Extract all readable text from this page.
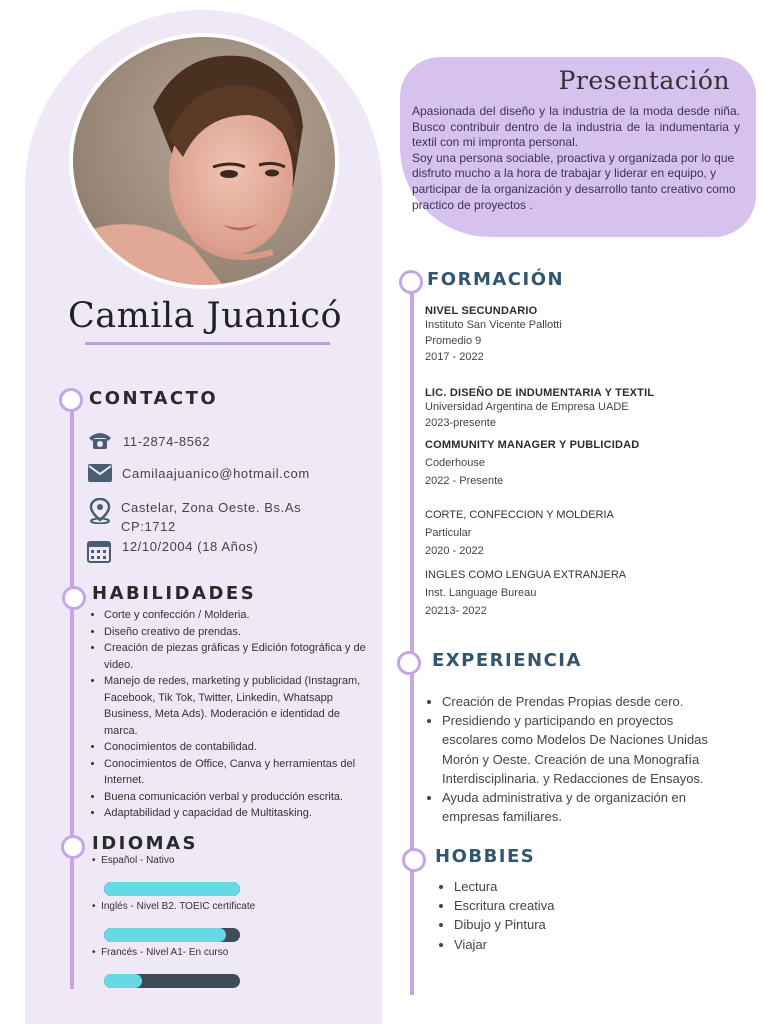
Camila Juanicó
CONTACTO
11-2874-8562
Camilaajuanico@hotmail.com
Castelar, Zona Oeste. Bs.As
CP:1712
12/10/2004 (18 Años)
HABILIDADES
• Corte y confección / Molderia.
• Diseño creativo de prendas.
• Creación de piezas gráficas y Edición fotográfica y de video.
• Manejo de redes, marketing y publicidad (Instagram, Facebook, Tik Tok, Twitter, Linkedin, Whatsapp Business, Meta Ads). Moderación e identidad de marca.
• Conocimientos de contabilidad.
• Conocimientos de Office, Canva y herramientas del Internet.
• Buena comunicación verbal y producción escrita.
• Adaptabilidad y capacidad de Multitasking.
IDIOMAS
•  Español - Nativo
•  Inglés - Nivel B2. TOEIC certificate
•  Francés - Nivel A1- En curso
Presentación

Apasionada del diseño y la industria de la moda desde niña. Busco contribuir dentro de la industria de la indumentaria y textil con mi impronta personal.

Soy una persona sociable, proactiva y organizada por lo que disfruto mucho a la hora de trabajar y liderar en equipo, y participar de la organización y desarrollo tanto creativo como practico de proyectos .

FORMACIÓN
NIVEL SECUNDARIO
Instituto San Vicente Pallotti
Promedio 9
2017 - 2022
LIC. DISEÑO DE INDUMENTARIA Y TEXTIL
Universidad Argentina de Empresa UADE
2023-presente
COMMUNITY MANAGER Y PUBLICIDAD
Coderhouse
2022 - Presente
CORTE, CONFECCION Y MOLDERIA
Particular
2020 - 2022
INGLES COMO LENGUA EXTRANJERA
Inst. Language Bureau
20213- 2022
EXPERIENCIA
• Creación de Prendas Propias desde cero.
• Presidiendo y participando en proyectos escolares como Modelos De Naciones Unidas Morón y Oeste. Creación de una Monografía Interdisciplinaria. y Redacciones de Ensayos.
• Ayuda administrativa y de organización en empresas familiares.
HOBBIES
• Lectura
• Escritura creativa
• Dibujo y Pintura
• Viajar
